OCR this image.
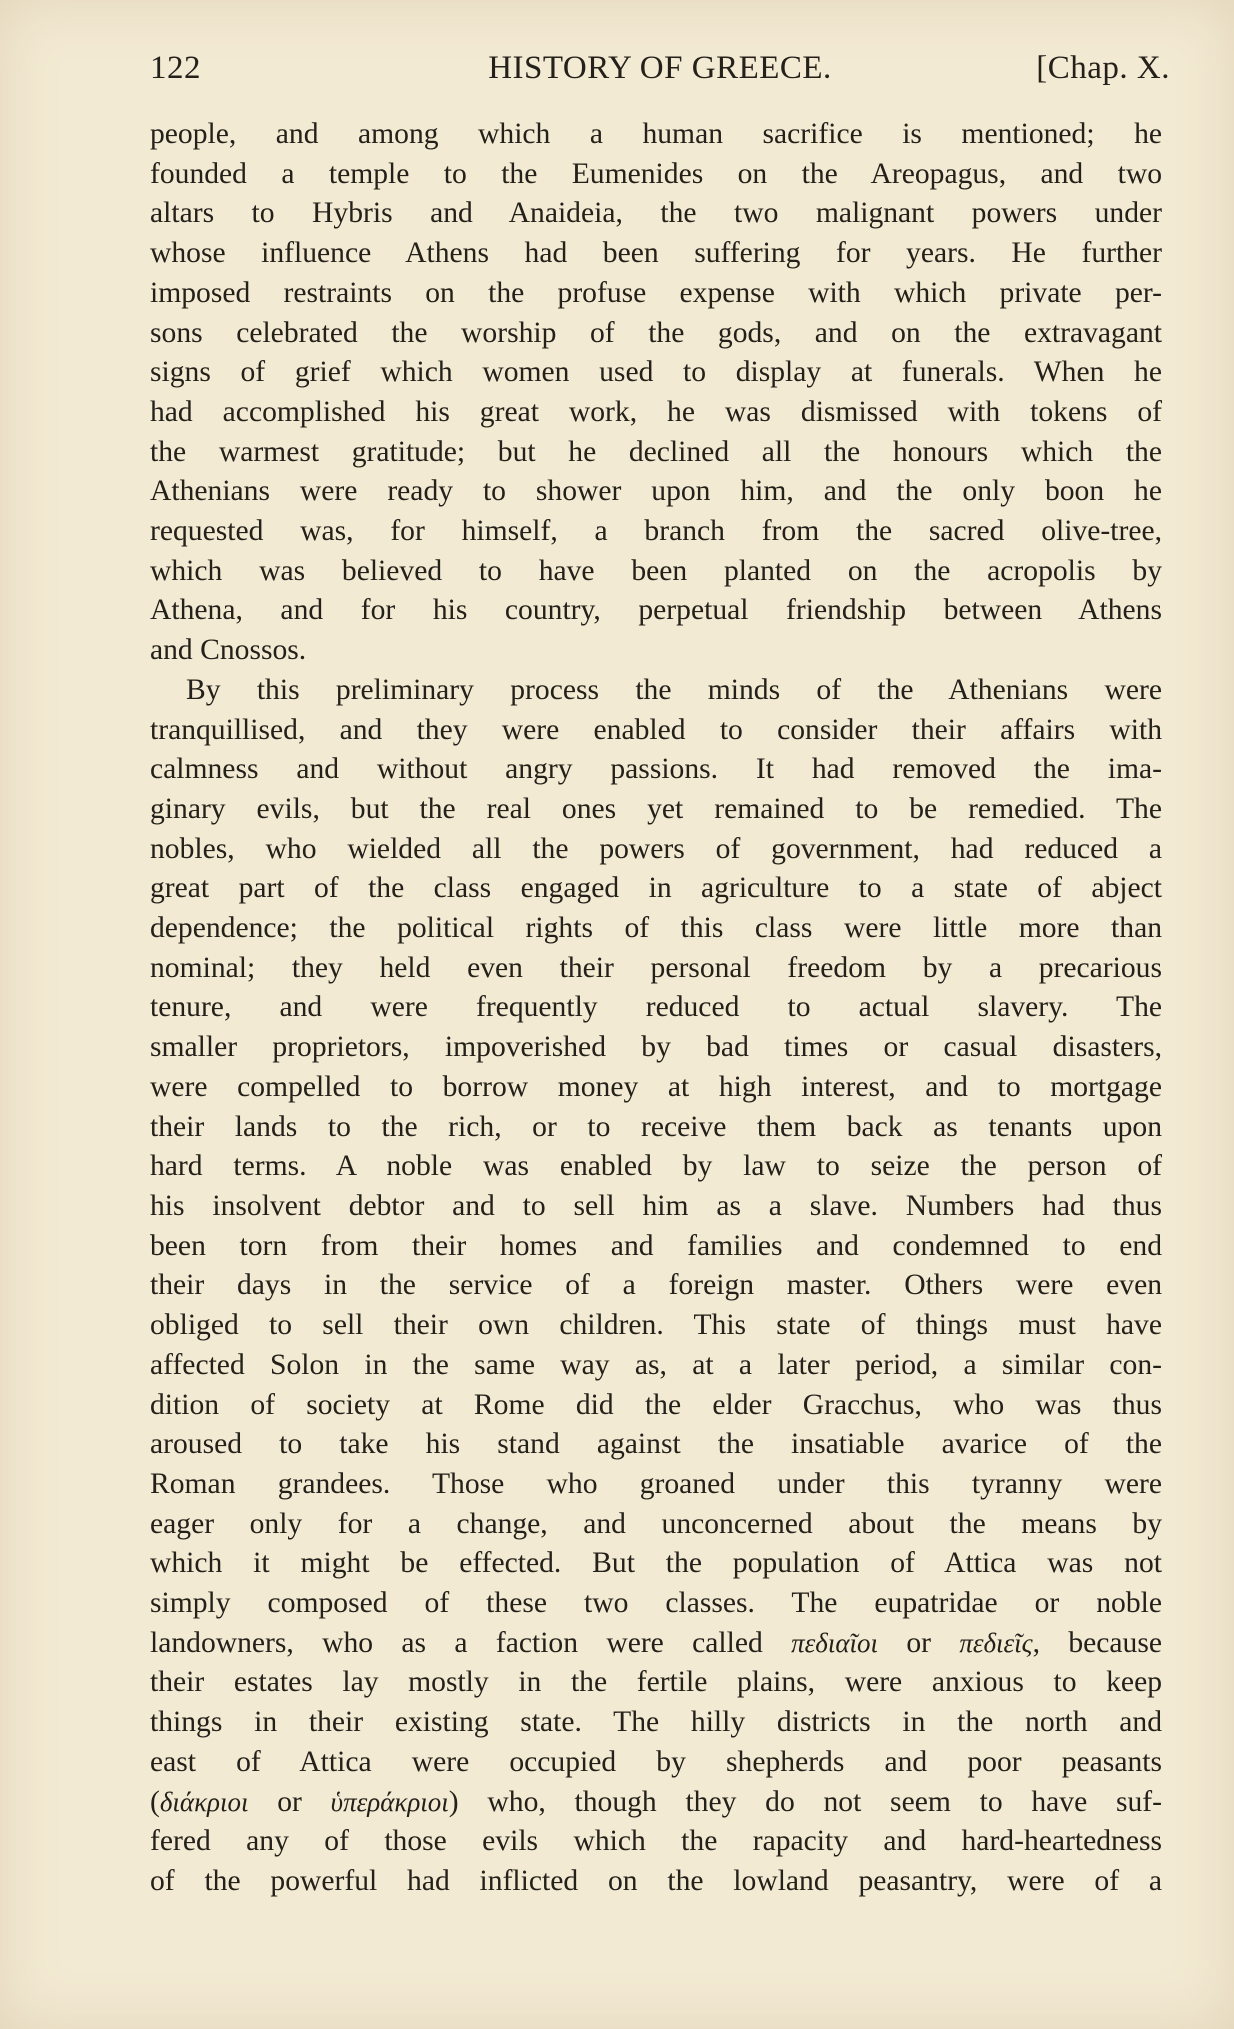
122	HISTORY OF GREECE.	[Chap. X.
people, and among which a human sacrifice is mentioned; he
founded a temple to the Eumenides on the Areopagus, and two
altars to Hybris and Anaideia, the two malignant powers under
whose influence Athens had been suffering for years. He further
imposed restraints on the profuse expense with which private per-
sons celebrated the worship of the gods, and on the extravagant
signs of grief which women used to display at funerals. When he
had accomplished his great work, he was dismissed with tokens of
the warmest gratitude; but he declined all the honours which the
Athenians were ready to shower upon him, and the only boon he
requested was, for himself, a branch from the sacred olive-tree,
which was believed to have been planted on the acropolis by
Athena, and for his country, perpetual friendship between Athens
and Cnossos.
By this preliminary process the minds of the Athenians were
tranquillised, and they were enabled to consider their affairs with
calmness and without angry passions. It had removed the ima-
ginary evils, but the real ones yet remained to be remedied. The
nobles, who wielded all the powers of government, had reduced a
great part of the class engaged in agriculture to a state of abject
dependence; the political rights of this class were little more than
nominal; they held even their personal freedom by a precarious
tenure, and were frequently reduced to actual slavery. The
smaller proprietors, impoverished by bad times or casual disasters,
were compelled to borrow money at high interest, and to mortgage
their lands to the rich, or to receive them back as tenants upon
hard terms. A noble was enabled by law to seize the person of
his insolvent debtor and to sell him as a slave. Numbers had thus
been torn from their homes and families and condemned to end
their days in the service of a foreign master. Others were even
obliged to sell their own children. This state of things must have
affected Solon in the same way as, at a later period, a similar con-
dition of society at Rome did the elder Gracchus, who was thus
aroused to take his stand against the insatiable avarice of the
Roman grandees. Those who groaned under this tyranny were
eager only for a change, and unconcerned about the means by
which it might be effected. But the population of Attica was not
simply composed of these two classes. The eupatridae or noble
landowners, who as a faction were called πεδιαῖοι or πεδιεῖς, because
their estates lay mostly in the fertile plains, were anxious to keep
things in their existing state. The hilly districts in the north and
east of Attica were occupied by shepherds and poor peasants
(διάκριοι or ὑπεράκριοι) who, though they do not seem to have suf-
fered any of those evils which the rapacity and hard-heartedness
of the powerful had inflicted on the lowland peasantry, were of a
